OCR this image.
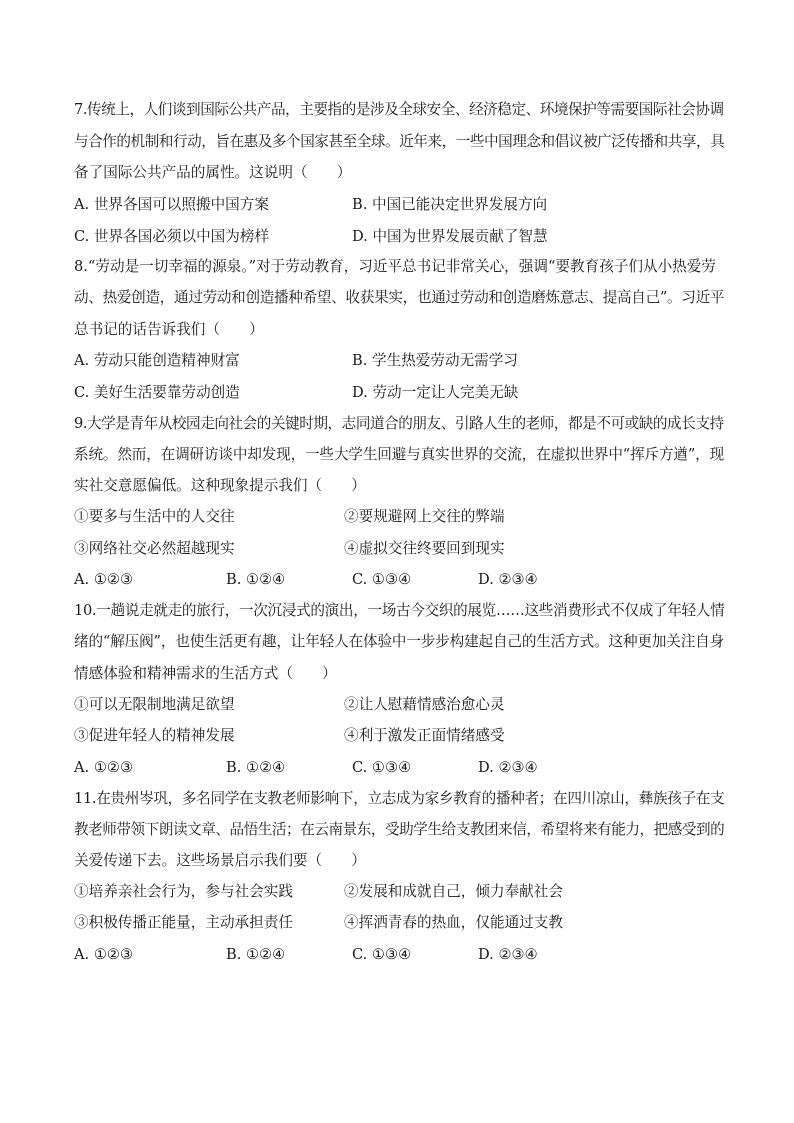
7.传统上，人们谈到国际公共产品，主要指的是涉及全球安全、经济稳定、环境保护等需要国际社会协调
与合作的机制和行动，旨在惠及多个国家甚至全球。近年来，一些中国理念和倡议被广泛传播和共享，具
备了国际公共产品的属性。这说明（　　）
A. 世界各国可以照搬中国方案	B. 中国已能决定世界发展方向
C. 世界各国必须以中国为榜样	D. 中国为世界发展贡献了智慧
8.“劳动是一切幸福的源泉。”对于劳动教育，习近平总书记非常关心，强调“要教育孩子们从小热爱劳
动、热爱创造，通过劳动和创造播种希望、收获果实，也通过劳动和创造磨炼意志、提高自己”。习近平
总书记的话告诉我们（　　）
A. 劳动只能创造精神财富	B. 学生热爱劳动无需学习
C. 美好生活要靠劳动创造	D. 劳动一定让人完美无缺
9.大学是青年从校园走向社会的关键时期，志同道合的朋友、引路人生的老师，都是不可或缺的成长支持
系统。然而，在调研访谈中却发现，一些大学生回避与真实世界的交流，在虚拟世界中“挥斥方遒”，现
实社交意愿偏低。这种现象提示我们（　　）
①要多与生活中的人交往	②要规避网上交往的弊端
③网络社交必然超越现实	④虚拟交往终要回到现实
A. ①②③	B. ①②④	C. ①③④	D. ②③④
10.一趟说走就走的旅行，一次沉浸式的演出，一场古今交织的展览……这些消费形式不仅成了年轻人情
绪的“解压阀”，也使生活更有趣，让年轻人在体验中一步步构建起自己的生活方式。这种更加关注自身
情感体验和精神需求的生活方式（　　）
①可以无限制地满足欲望	②让人慰藉情感治愈心灵
③促进年轻人的精神发展	④利于激发正面情绪感受
A. ①②③	B. ①②④	C. ①③④	D. ②③④
11.在贵州岑巩，多名同学在支教老师影响下，立志成为家乡教育的播种者；在四川凉山，彝族孩子在支
教老师带领下朗读文章、品悟生活；在云南景东，受助学生给支教团来信，希望将来有能力，把感受到的
关爱传递下去。这些场景启示我们要（　　）
①培养亲社会行为，参与社会实践	②发展和成就自己，倾力奉献社会
③积极传播正能量，主动承担责任	④挥洒青春的热血，仅能通过支教
A. ①②③	B. ①②④	C. ①③④	D. ②③④
